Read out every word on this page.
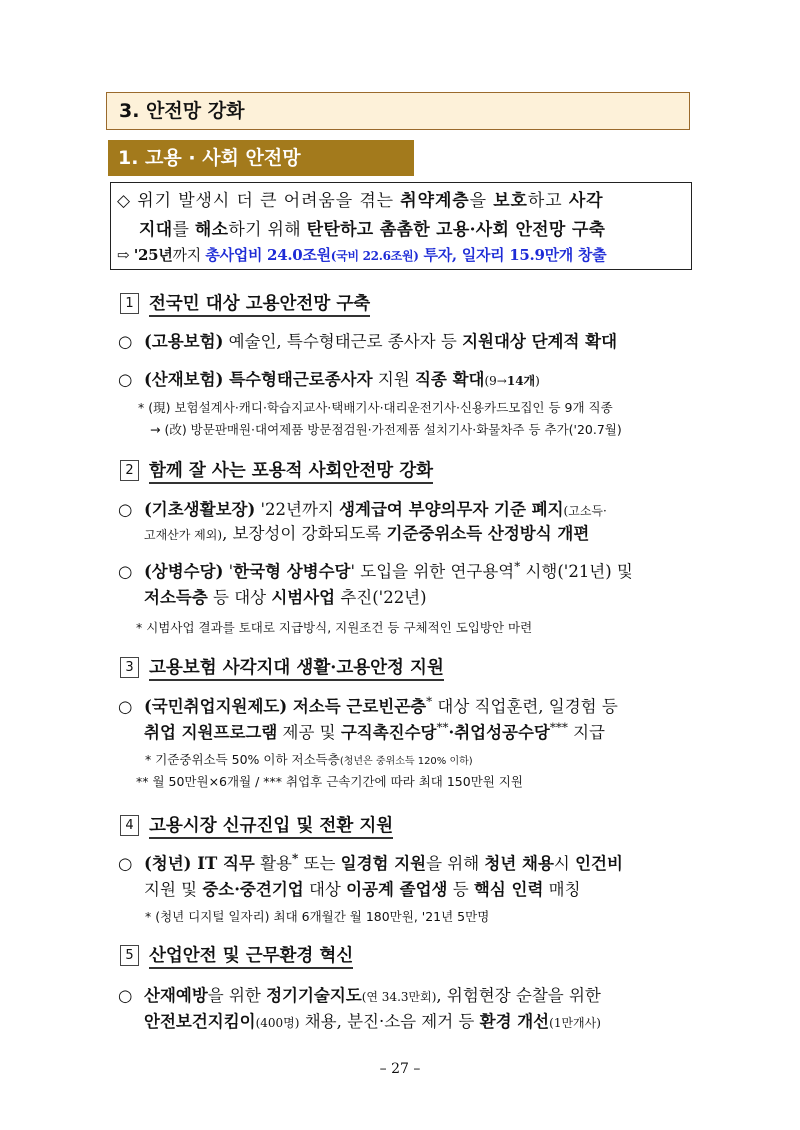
3. 안전망 강화
1. 고용 · 사회 안전망
◇ 위기 발생시 더 큰 어려움을 겪는 취약계층을 보호하고 사각
지대를 해소하기 위해 탄탄하고 촘촘한 고용·사회 안전망 구축
⇨ '25년까지 총사업비 24.0조원(국비 22.6조원) 투자, 일자리 15.9만개 창출
1 전국민 대상 고용안전망 구축
○ (고용보험) 예술인, 특수형태근로 종사자 등 지원대상 단계적 확대
○ (산재보험) 특수형태근로종사자 지원 직종 확대(9→14개)
* (現) 보험설계사·캐디·학습지교사·택배기사·대리운전기사·신용카드모집인 등 9개 직종
→ (改) 방문판매원·대여제품 방문점검원·가전제품 설치기사·화물차주 등 추가('20.7월)
2 함께 잘 사는 포용적 사회안전망 강화
○ (기초생활보장) '22년까지 생계급여 부양의무자 기준 폐지(고소득·
고재산가 제외), 보장성이 강화되도록 기준중위소득 산정방식 개편
○ (상병수당) '한국형 상병수당' 도입을 위한 연구용역* 시행('21년) 및
저소득층 등 대상 시범사업 추진('22년)
* 시범사업 결과를 토대로 지급방식, 지원조건 등 구체적인 도입방안 마련
3 고용보험 사각지대 생활·고용안정 지원
○ (국민취업지원제도) 저소득 근로빈곤층* 대상 직업훈련, 일경험 등
취업 지원프로그램 제공 및 구직촉진수당**·취업성공수당*** 지급
* 기준중위소득 50% 이하 저소득층(청년은 중위소득 120% 이하)
** 월 50만원×6개월 / *** 취업후 근속기간에 따라 최대 150만원 지원
4 고용시장 신규진입 및 전환 지원
○ (청년) IT 직무 활용* 또는 일경험 지원을 위해 청년 채용시 인건비
지원 및 중소·중견기업 대상 이공계 졸업생 등 핵심 인력 매칭
* (청년 디지털 일자리) 최대 6개월간 월 180만원, '21년 5만명
5 산업안전 및 근무환경 혁신
○ 산재예방을 위한 정기기술지도(연 34.3만회), 위험현장 순찰을 위한
안전보건지킴이(400명) 채용, 분진·소음 제거 등 환경 개선(1만개사)
– 27 –
